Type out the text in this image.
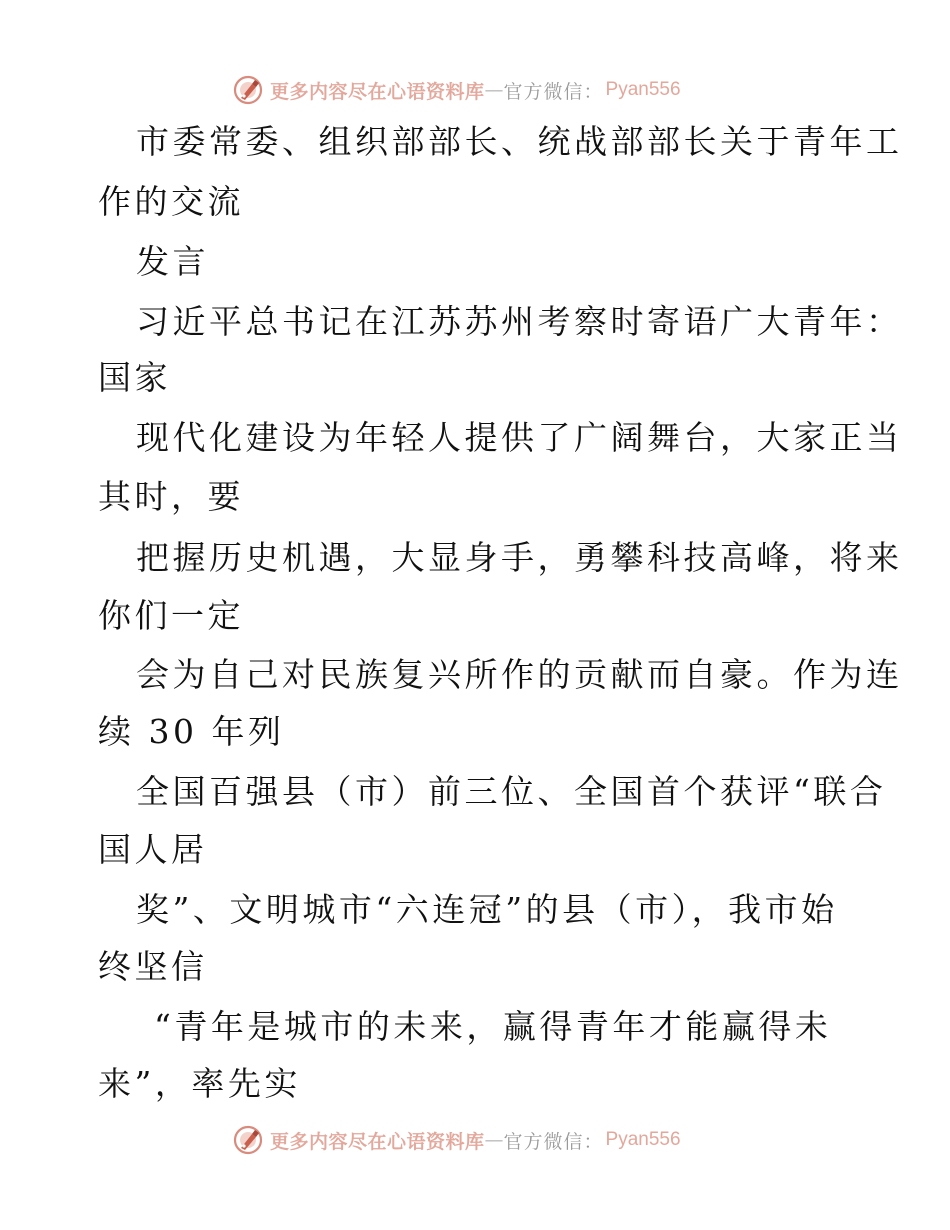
更多内容尽在心语资料库 — 官方微信： Pyan556
市委常委、组织部部长、统战部部长关于青年工
作的交流
发言
习近平总书记在江苏苏州考察时寄语广大青年：
国家
现代化建设为年轻人提供了广阔舞台，大家正当
其时，要
把握历史机遇，大显身手，勇攀科技高峰，将来
你们一定
会为自己对民族复兴所作的贡献而自豪。作为连
续 30 年列
全国百强县（市）前三位、全国首个获评“联合
国人居
奖”、文明城市“六连冠”的县（市），我市始
终坚信
“青年是城市的未来，赢得青年才能赢得未
来”，率先实
更多内容尽在心语资料库 — 官方微信： Pyan556
